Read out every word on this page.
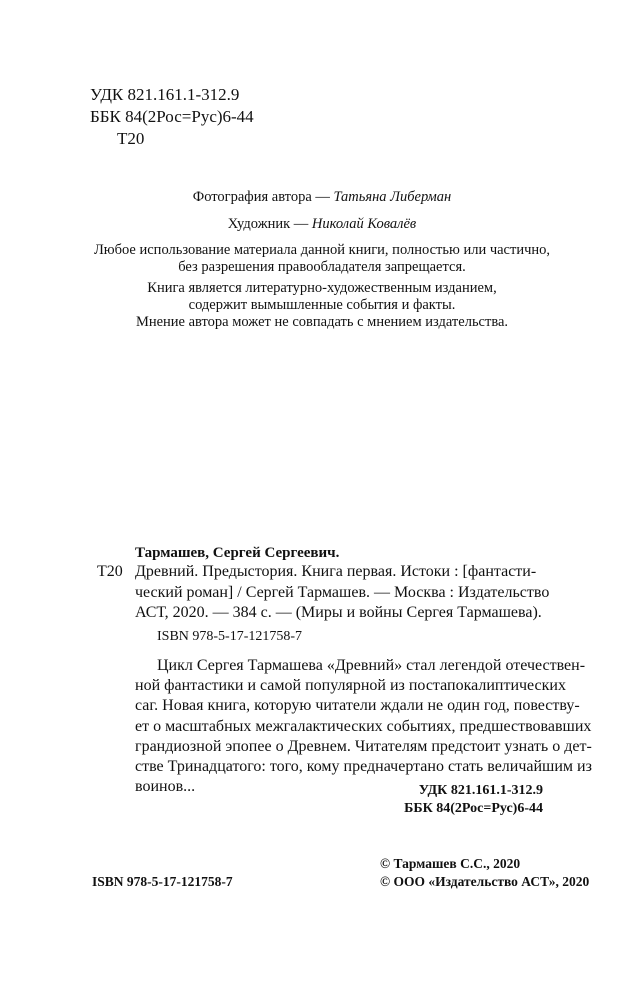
УДК 821.161.1-312.9
ББК 84(2Рос=Рус)6-44
Т20
Фотография автора — Татьяна Либерман
Художник — Николай Ковалёв
Любое использование материала данной книги, полностью или частично,
без разрешения правообладателя запрещается.
Книга является литературно-художественным изданием,
содержит вымышленные события и факты.
Мнение автора может не совпадать с мнением издательства.
Тармашев, Сергей Сергеевич.
Т20 Древний. Предыстория. Книга первая. Истоки : [фантасти-
ческий роман] / Сергей Тармашев. — Москва : Издательство
АСТ, 2020. — 384 с. — (Миры и войны Сергея Тармашева).
ISBN 978-5-17-121758-7
Цикл Сергея Тармашева «Древний» стал легендой отечествен-
ной фантастики и самой популярной из постапокалиптических
саг. Новая книга, которую читатели ждали не один год, повеству-
ет о масштабных межгалактических событиях, предшествовавших
грандиозной эпопее о Древнем. Читателям предстоит узнать о дет-
стве Тринадцатого: того, кому предначертано стать величайшим из
воинов...	УДК 821.161.1-312.9
ББК 84(2Рос=Рус)6-44
ISBN 978-5-17-121758-7
© Тармашев С.С., 2020
© ООО «Издательство АСТ», 2020
